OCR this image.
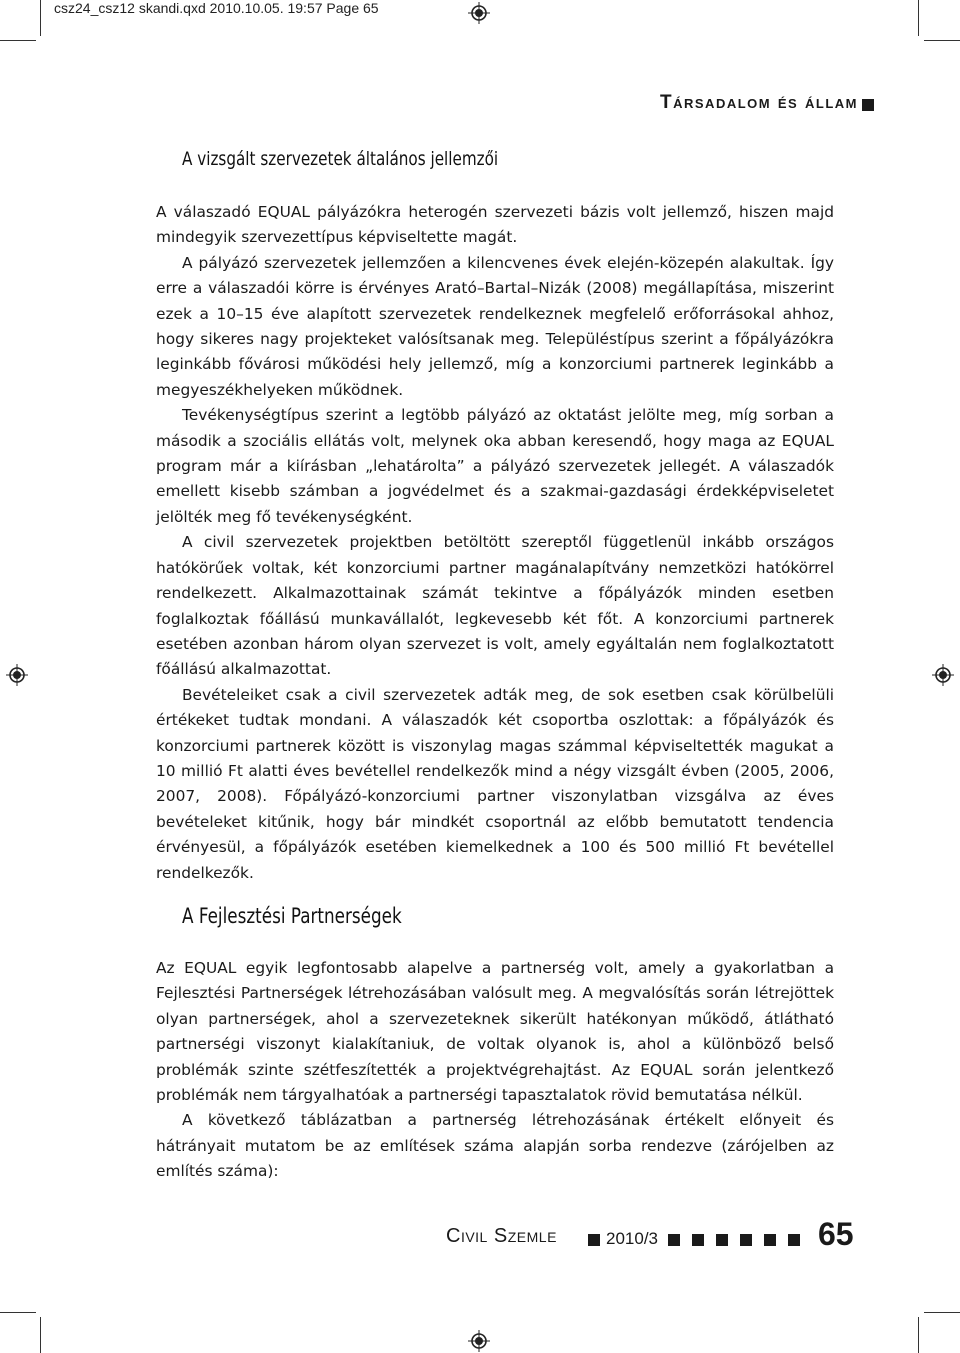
csz24_csz12 skandi.qxd 2010.10.05. 19:57 Page 65
Társadalom és állam
A vizsgált szervezetek általános jellemzői

A válaszadó EQUAL pályázókra heterogén szervezeti bázis volt jellemző, hiszen majd mindegyik szervezettípus képviseltette magát.

A pályázó szervezetek jellemzően a kilencvenes évek elején-közepén alakultak. Így erre a válaszadói körre is érvényes Arató–Bartal–Nizák (2008) megállapítása, miszerint ezek a 10–15 éve alapított szervezetek rendelkeznek megfelelő erőforrásokal ahhoz, hogy sikeres nagy projekteket valósítsanak meg. Településtípus szerint a főpályázókra leginkább fővárosi működési hely jellemző, míg a konzorciumi partnerek leginkább a megyeszékhelyeken működnek.

Tevékenységtípus szerint a legtöbb pályázó az oktatást jelölte meg, míg sorban a második a szociális ellátás volt, melynek oka abban keresendő, hogy maga az EQUAL program már a kiírásban „lehatárolta” a pályázó szervezetek jellegét. A válaszadók emellett kisebb számban a jogvédelmet és a szakmai-gazdasági érdekképviseletet jelölték meg fő tevékenységként.

A civil szervezetek projektben betöltött szereptől függetlenül inkább országos hatókörűek voltak, két konzorciumi partner magánalapítvány nemzetközi hatókörrel rendelkezett. Alkalmazottainak számát tekintve a főpályázók minden esetben foglalkoztak főállású munkavállalót, legkevesebb két főt. A konzorciumi partnerek esetében azonban három olyan szervezet is volt, amely egyáltalán nem foglalkoztatott főállású alkalmazottat.

Bevételeiket csak a civil szervezetek adták meg, de sok esetben csak körülbelüli értékeket tudtak mondani. A válaszadók két csoportba oszlottak: a főpályázók és konzorciumi partnerek között is viszonylag magas számmal képviseltették magukat a 10 millió Ft alatti éves bevétellel rendelkezők mind a négy vizsgált évben (2005, 2006, 2007, 2008). Főpályázó-konzorciumi partner viszonylatban vizsgálva az éves bevételeket kitűnik, hogy bár mindkét csoportnál az előbb bemutatott tendencia érvényesül, a főpályázók esetében kiemelkednek a 100 és 500 millió Ft bevétellel rendelkezők.

A Fejlesztési Partnerségek

Az EQUAL egyik legfontosabb alapelve a partnerség volt, amely a gyakorlatban a Fejlesztési Partnerségek létrehozásában valósult meg. A megvalósítás során létrejöttek olyan partnerségek, ahol a szervezeteknek sikerült hatékonyan működő, átlátható partnerségi viszonyt kialakítaniuk, de voltak olyanok is, ahol a különböző belső problémák szinte szétfeszítették a projektvégrehajtást. Az EQUAL során jelentkező problémák nem tárgyalhatóak a partnerségi tapasztalatok rövid bemutatása nélkül.

A következő táblázatban a partnerség létrehozásának értékelt előnyeit és hátrányait mutatom be az említések száma alapján sorba rendezve (zárójelben az említés száma):

Civil Szemle	2010/3	65
